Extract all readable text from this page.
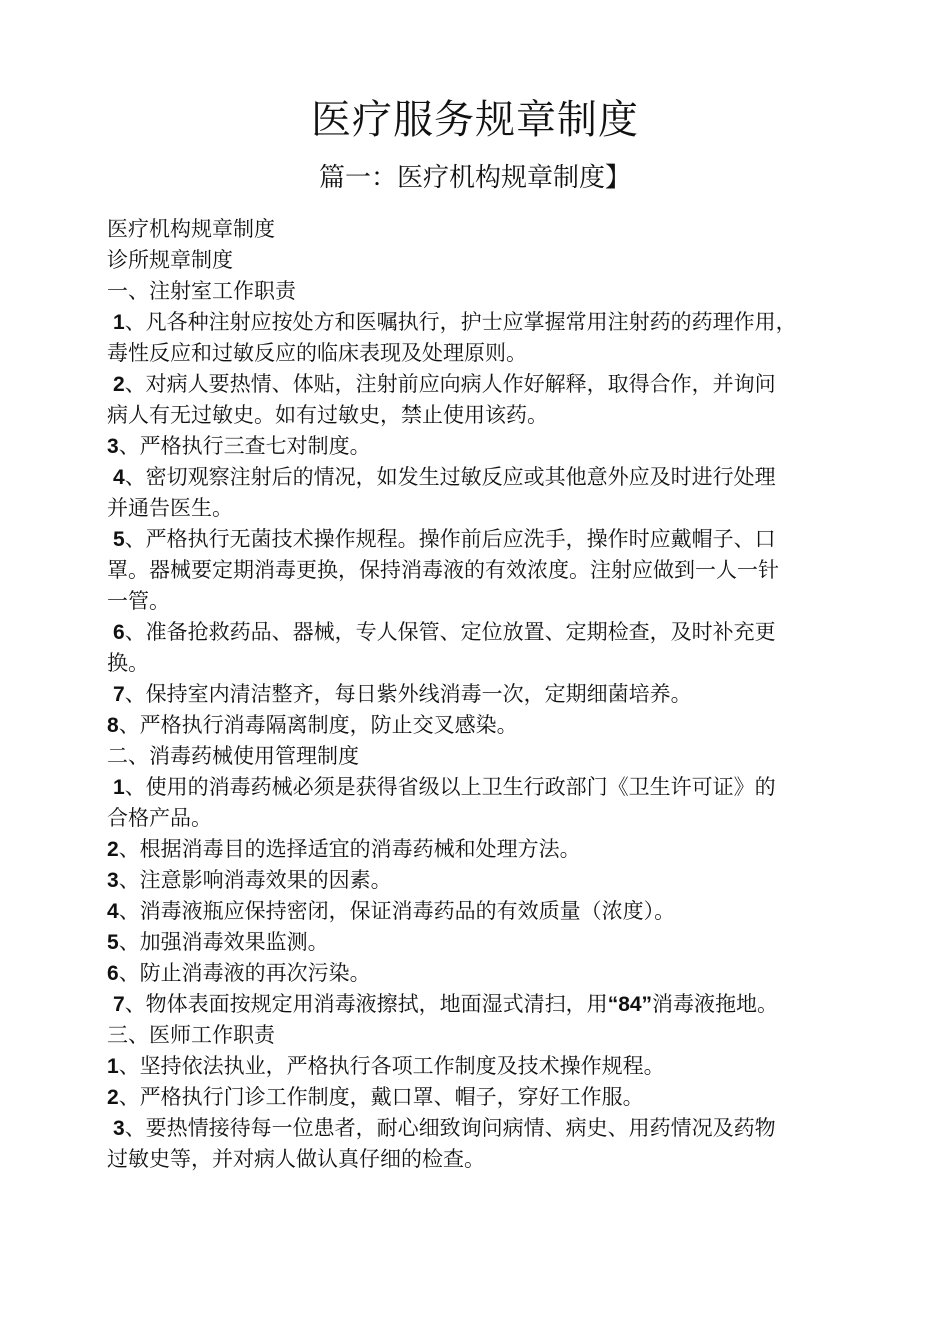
医疗服务规章制度
篇一：医疗机构规章制度】

医疗机构规章制度

诊所规章制度

一、注射室工作职责

1、凡各种注射应按处方和医嘱执行，护士应掌握常用注射药的药理作用，

毒性反应和过敏反应的临床表现及处理原则。

2、对病人要热情、体贴，注射前应向病人作好解释，取得合作，并询问

病人有无过敏史。如有过敏史，禁止使用该药。

3、严格执行三查七对制度。

4、密切观察注射后的情况，如发生过敏反应或其他意外应及时进行处理

并通告医生。

5、严格执行无菌技术操作规程。操作前后应洗手，操作时应戴帽子、口

罩。器械要定期消毒更换，保持消毒液的有效浓度。注射应做到一人一针

一管。

6、准备抢救药品、器械，专人保管、定位放置、定期检查，及时补充更

换。

7、保持室内清洁整齐，每日紫外线消毒一次，定期细菌培养。

8、严格执行消毒隔离制度，防止交叉感染。

二、消毒药械使用管理制度

1、使用的消毒药械必须是获得省级以上卫生行政部门《卫生许可证》的

合格产品。

2、根据消毒目的选择适宜的消毒药械和处理方法。

3、注意影响消毒效果的因素。

4、消毒液瓶应保持密闭，保证消毒药品的有效质量（浓度）。

5、加强消毒效果监测。

6、防止消毒液的再次污染。

7、物体表面按规定用消毒液擦拭，地面湿式清扫，用“84”消毒液拖地。

三、医师工作职责

1、坚持依法执业，严格执行各项工作制度及技术操作规程。

2、严格执行门诊工作制度，戴口罩、帽子，穿好工作服。

3、要热情接待每一位患者，耐心细致询问病情、病史、用药情况及药物

过敏史等，并对病人做认真仔细的检查。
